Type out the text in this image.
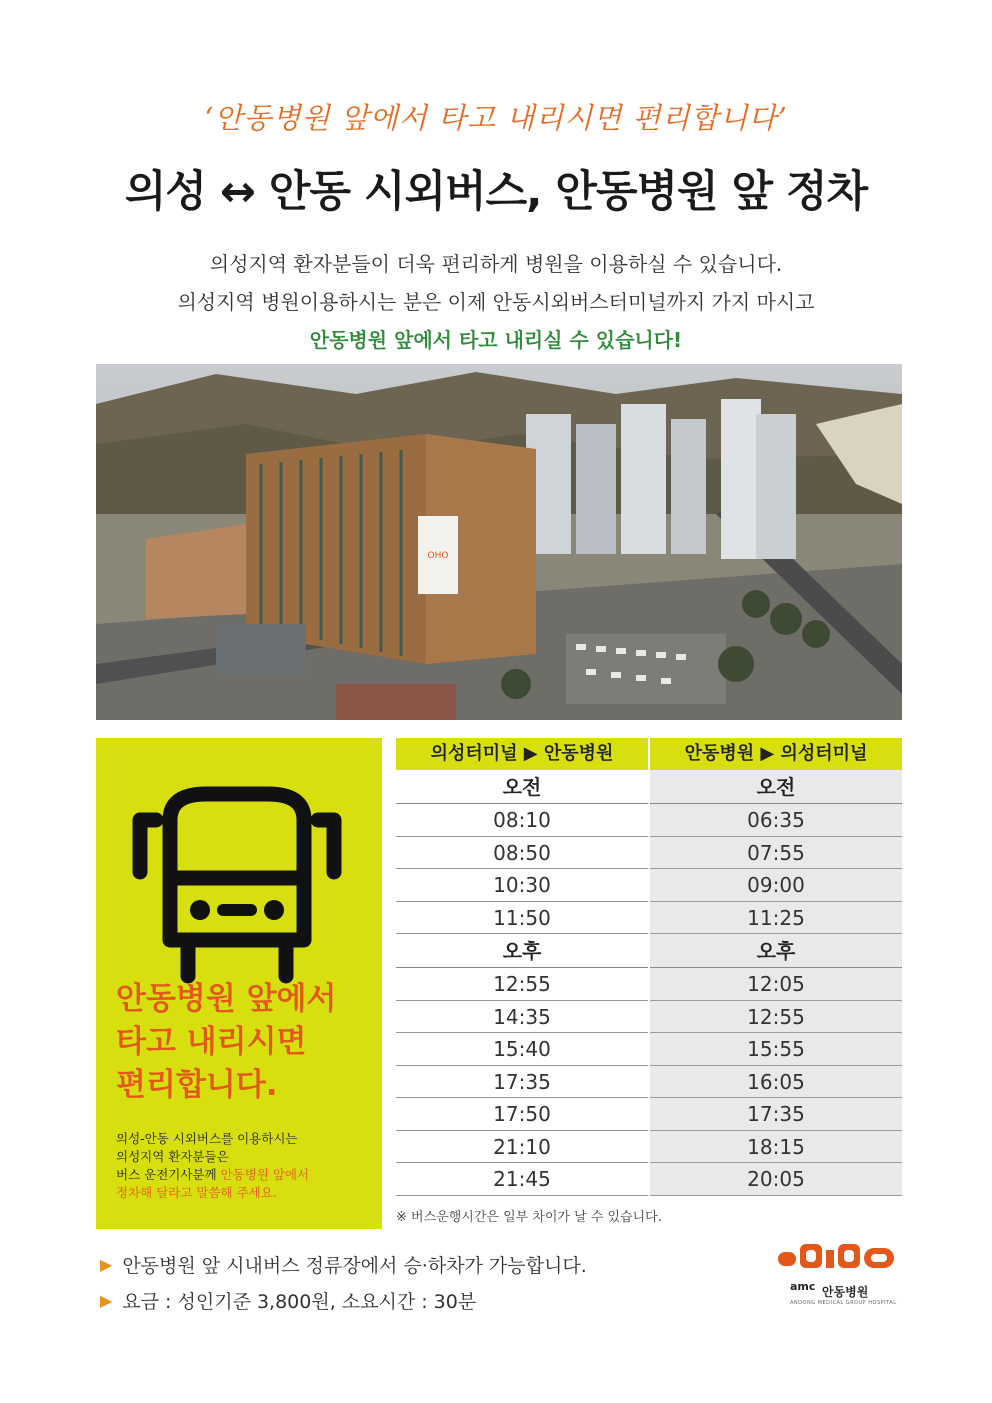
‘안동병원 앞에서 타고 내리시면 편리합니다’
의성 ↔ 안동 시외버스, 안동병원 앞 정차
의성지역 환자분들이 더욱 편리하게 병원을 이용하실 수 있습니다.
의성지역 병원이용하시는 분은 이제 안동시외버스터미널까지 가지 마시고
안동병원 앞에서 타고 내리실 수 있습니다!
OHO
안동병원 앞에서
타고 내리시면
편리합니다.
의성-안동 시외버스를 이용하시는
의성지역 환자분들은
버스 운전기사분께 안동병원 앞에서
정차해 달라고 말씀해 주세요.
의성터미널 ▶ 안동병원
오전
08:10
08:50
10:30
11:50
오후
12:55
14:35
15:40
17:35
17:50
21:10
21:45
안동병원 ▶ 의성터미널
오전
06:35
07:55
09:00
11:25
오후
12:05
12:55
15:55
16:05
17:35
18:15
20:05
※ 버스운행시간은 일부 차이가 날 수 있습니다.
▶ 안동병원 앞 시내버스 정류장에서 승·하차가 가능합니다.
▶ 요금 : 성인기준 3,800원, 소요시간 : 30분
amc 안동병원
ANDONG MEDICAL GROUP HOSPITAL
